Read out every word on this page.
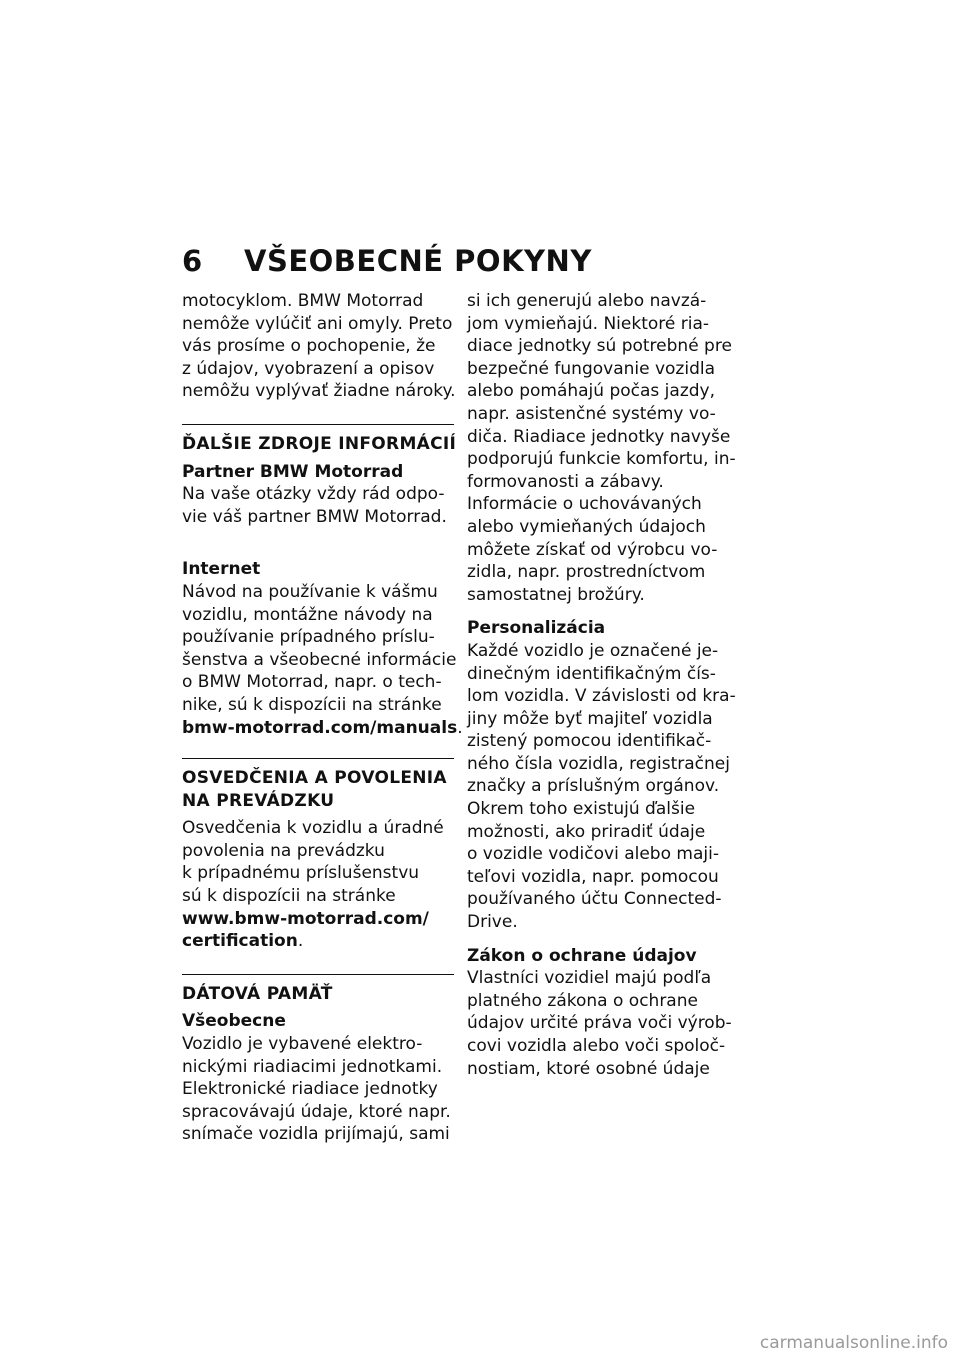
6 VŠEOBECNÉ POKYNY

motocyklom. BMW Motorrad
nemôže vylúčiť ani omyly. Preto
vás prosíme o pochopenie, že
z údajov, vyobrazení a opisov
nemôžu vyplývať žiadne nároky.

ĎALŠIE ZDROJE INFORMÁCIÍ
Partner BMW Motorrad

Na vaše otázky vždy rád odpo-
vie váš partner BMW Motorrad.

Internet

Návod na používanie k vášmu
vozidlu, montážne návody na
používanie prípadného príslu-
šenstva a všeobecné informácie
o BMW Motorrad, napr. o tech-
nike, sú k dispozícii na stránke
bmw-motorrad.com/manuals.

OSVEDČENIA A POVOLENIA
NA PREVÁDZKU

Osvedčenia k vozidlu a úradné
povolenia na prevádzku
k prípadnému príslušenstvu
sú k dispozícii na stránke
www.bmw-motorrad.com/
certification.

DÁTOVÁ PAMÄŤ
Všeobecne

Vozidlo je vybavené elektro-
nickými riadiacimi jednotkami.
Elektronické riadiace jednotky
spracovávajú údaje, ktoré napr.
snímače vozidla prijímajú, sami

si ich generujú alebo navzá-
jom vymieňajú. Niektoré ria-
diace jednotky sú potrebné pre
bezpečné fungovanie vozidla
alebo pomáhajú počas jazdy,
napr. asistenčné systémy vo-
diča. Riadiace jednotky navyše
podporujú funkcie komfortu, in-
formovanosti a zábavy.
Informácie o uchovávaných
alebo vymieňaných údajoch
môžete získať od výrobcu vo-
zidla, napr. prostredníctvom
samostatnej brožúry.

Personalizácia

Každé vozidlo je označené je-
dinečným identifikačným čís-
lom vozidla. V závislosti od kra-
jiny môže byť majiteľ vozidla
zistený pomocou identifikač-
ného čísla vozidla, registračnej
značky a príslušným orgánov.
Okrem toho existujú ďalšie
možnosti, ako priradiť údaje
o vozidle vodičovi alebo maji-
teľovi vozidla, napr. pomocou
používaného účtu Connected-
Drive.

Zákon o ochrane údajov

Vlastníci vozidiel majú podľa
platného zákona o ochrane
údajov určité práva voči výrob-
covi vozidla alebo voči spoloč-
nostiam, ktoré osobné údaje

carmanualsonline.info
